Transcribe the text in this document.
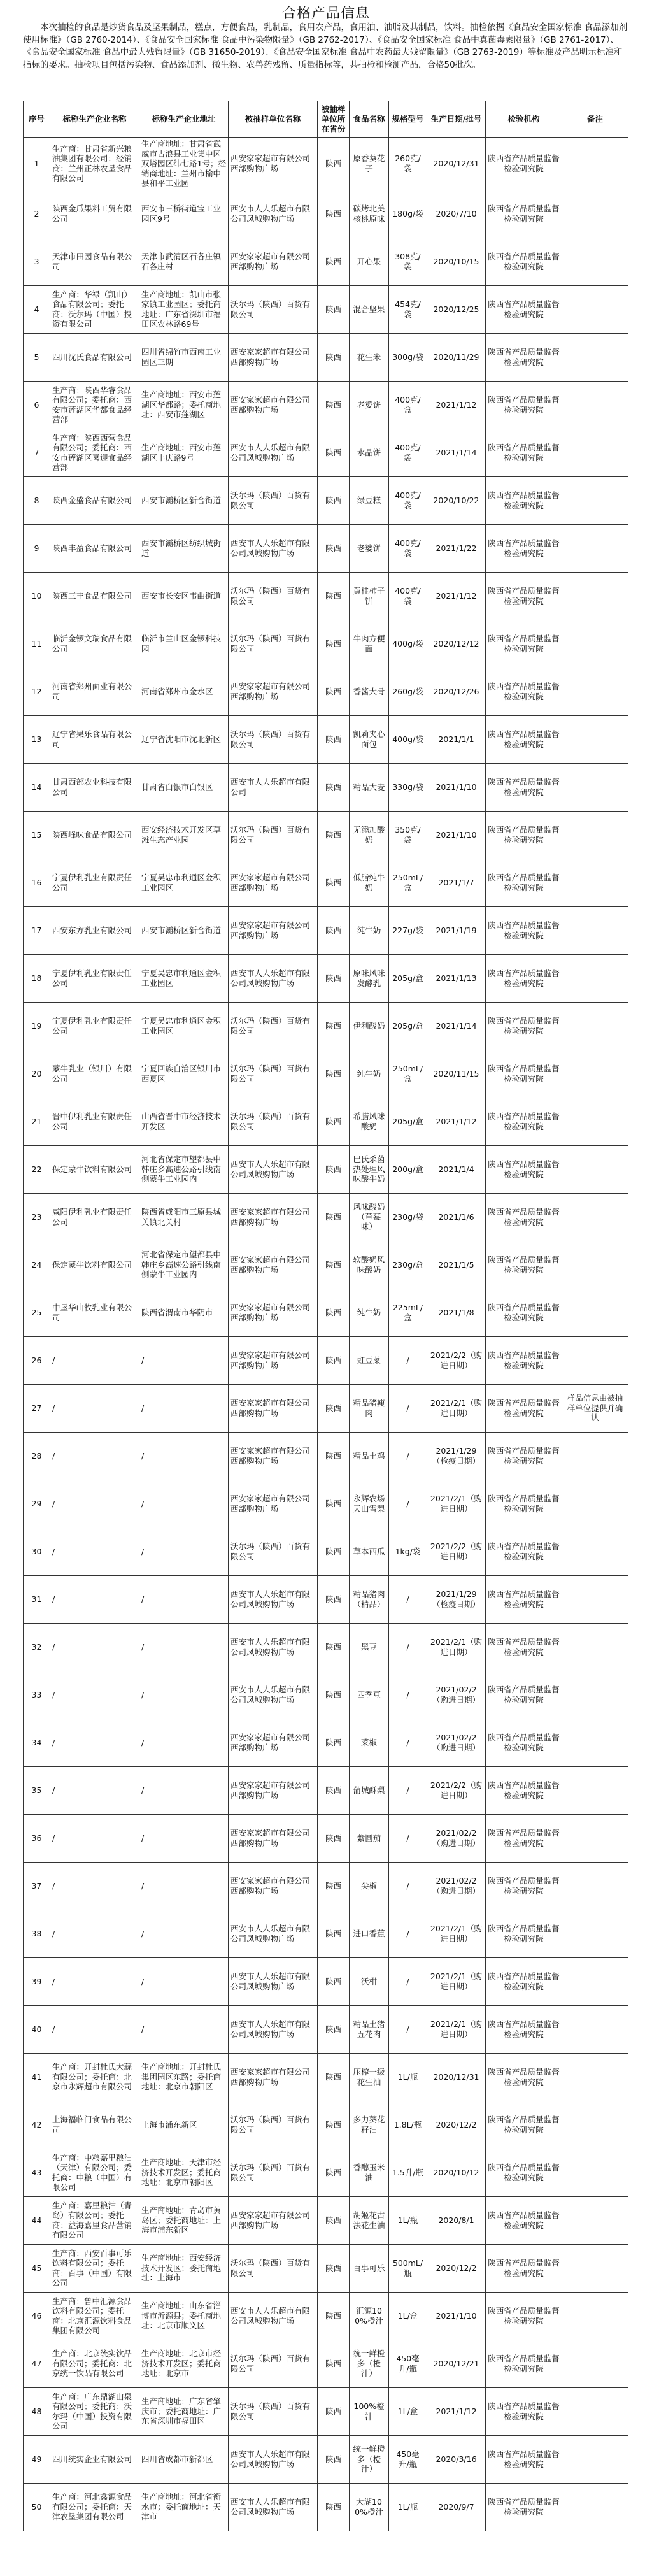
合格产品信息

本次抽检的食品是炒货食品及坚果制品，糕点，方便食品，乳制品，食用农产品，食用油、油脂及其制品，饮料。抽检依据《食品安全国家标准 食品添加剂使用标准》（GB 2760-2014）、《食品安全国家标准 食品中污染物限量》（GB 2762-2017）、《食品安全国家标准 食品中真菌毒素限量》（GB 2761-2017）、《食品安全国家标准 食品中最大残留限量》（GB 31650-2019）、《食品安全国家标准 食品中农药最大残留限量》（GB 2763-2019）等标准及产品明示标准和指标的要求。抽检项目包括污染物、食品添加剂、微生物、农兽药残留、质量指标等，共抽检和检测产品，合格50批次。

序号	标称生产企业名称	标称生产企业地址	被抽样单位名称	被抽样单位所在省份	食品名称	规格型号	生产日期/批号	检验机构	备注
1	生产商：甘肃省新兴粮油集团有限公司；经销商：兰州正林农垦食品有限公司	生产商地址：甘肃省武威市古浪县工业集中区双塔园区纬七路1号；经销商地址：兰州市榆中县和平工业园	西安家家超市有限公司西部购物广场	陕西	原香葵花子	260克/袋	2020/12/31	陕西省产品质量监督检验研究院	
2	陕西金瓜果料工贸有限公司	西安市三桥街道宝工业园区9号	西安市人人乐超市有限公司凤城购物广场	陕西	碳烤北美核桃原味	180g/袋	2020/7/10	陕西省产品质量监督检验研究院	
3	天津市田园食品有限公司	天津市武清区石各庄镇石各庄村	西安家家超市有限公司西部购物广场	陕西	开心果	308克/袋	2020/10/15	陕西省产品质量监督检验研究院	
4	生产商：华禄（凯山）食品有限公司；委托商：沃尔玛（中国）投资有限公司	生产商地址：凯山市张家镇工业园区；委托商地址：广东省深圳市福田区农林路69号	沃尔玛（陕西）百货有限公司	陕西	混合坚果	454克/袋	2020/12/25	陕西省产品质量监督检验研究院	
5	四川沈氏食品有限公司	四川省绵竹市西南工业园区三期	西安家家超市有限公司西部购物广场	陕西	花生米	300g/袋	2020/11/29	陕西省产品质量监督检验研究院	
6	生产商：陕西华睿食品有限公司；委托商：西安市莲湖区华都食品经营部	生产商地址：西安市莲湖区华都路；委托商地址：西安市莲湖区	西安家家超市有限公司西部购物广场	陕西	老婆饼	400克/盒	2021/1/12	陕西省产品质量监督检验研究院	
7	生产商：陕西西营食品有限公司；委托商：西安市莲湖区喜迎食品经营部	生产商地址：西安市莲湖区丰庆路9号	西安市人人乐超市有限公司凤城购物广场	陕西	水晶饼	400克/袋	2021/1/14	陕西省产品质量监督检验研究院	
8	陕西金盛食品有限公司	西安市灞桥区新合街道	沃尔玛（陕西）百货有限公司	陕西	绿豆糕	400克/袋	2020/10/22	陕西省产品质量监督检验研究院	
9	陕西丰盈食品有限公司	西安市灞桥区纺织城街道	西安市人人乐超市有限公司凤城购物广场	陕西	老婆饼	400克/袋	2021/1/22	陕西省产品质量监督检验研究院	
10	陕西三丰食品有限公司	西安市长安区韦曲街道	沃尔玛（陕西）百货有限公司	陕西	黄桂柿子饼	400克/袋	2021/1/12	陕西省产品质量监督检验研究院	
11	临沂金锣文瑞食品有限公司	临沂市兰山区金锣科技园	沃尔玛（陕西）百货有限公司	陕西	牛肉方便面	400g/袋	2020/12/12	陕西省产品质量监督检验研究院	
12	河南省郑州面业有限公司	河南省郑州市金水区	西安家家超市有限公司西部购物广场	陕西	香酱大骨	260g/袋	2020/12/26	陕西省产品质量监督检验研究院	
13	辽宁省果乐食品有限公司	辽宁省沈阳市沈北新区	沃尔玛（陕西）百货有限公司	陕西	凯莉夹心面包	400g/袋	2021/1/1	陕西省产品质量监督检验研究院	
14	甘肃西部农业科技有限公司	甘肃省白银市白银区	西安市人人乐超市有限公司	陕西	精品大麦	330g/袋	2021/1/10	陕西省产品质量监督检验研究院	
15	陕西峰味食品有限公司	西安经济技术开发区草滩生态产业园	沃尔玛（陕西）百货有限公司	陕西	无添加酸奶	350克/袋	2021/1/10	陕西省产品质量监督检验研究院	
16	宁夏伊利乳业有限责任公司	宁夏吴忠市利通区金积工业园区	西安家家超市有限公司西部购物广场	陕西	低脂纯牛奶	250mL/盒	2021/1/7	陕西省产品质量监督检验研究院	
17	西安东方乳业有限公司	西安市灞桥区新合街道	西安家家超市有限公司西部购物广场	陕西	纯牛奶	227g/袋	2021/1/19	陕西省产品质量监督检验研究院	
18	宁夏伊利乳业有限责任公司	宁夏吴忠市利通区金积工业园区	西安市人人乐超市有限公司凤城购物广场	陕西	原味风味发酵乳	205g/盒	2021/1/13	陕西省产品质量监督检验研究院	
19	宁夏伊利乳业有限责任公司	宁夏吴忠市利通区金积工业园区	沃尔玛（陕西）百货有限公司	陕西	伊利酸奶	205g/盒	2021/1/14	陕西省产品质量监督检验研究院	
20	蒙牛乳业（银川）有限公司	宁夏回族自治区银川市西夏区	沃尔玛（陕西）百货有限公司	陕西	纯牛奶	250mL/盒	2020/11/15	陕西省产品质量监督检验研究院	
21	晋中伊利乳业有限责任公司	山西省晋中市经济技术开发区	沃尔玛（陕西）百货有限公司	陕西	希腊风味酸奶	205g/盒	2021/1/12	陕西省产品质量监督检验研究院	
22	保定蒙牛饮料有限公司	河北省保定市望都县中韩庄乡高速公路引线南侧蒙牛工业园内	西安市人人乐超市有限公司凤城购物广场	陕西	巴氏杀菌热处理风味酸牛奶	200g/盒	2021/1/4	陕西省产品质量监督检验研究院	
23	咸阳伊利乳业有限责任公司	陕西省咸阳市三原县城关镇北关村	西安家家超市有限公司西部购物广场	陕西	风味酸奶（草莓味）	230g/袋	2021/1/6	陕西省产品质量监督检验研究院	
24	保定蒙牛饮料有限公司	河北省保定市望都县中韩庄乡高速公路引线南侧蒙牛工业园内	西安家家超市有限公司西部购物广场	陕西	软酸奶风味酸奶	230g/盒	2021/1/5	陕西省产品质量监督检验研究院	
25	中垦华山牧乳业有限公司	陕西省渭南市华阴市	西安家家超市有限公司西部购物广场	陕西	纯牛奶	225mL/盒	2021/1/8	陕西省产品质量监督检验研究院	
26	/	/	西安家家超市有限公司西部购物广场	陕西	豇豆菜	/	2021/2/2（购进日期）	陕西省产品质量监督检验研究院	
27	/	/	西安家家超市有限公司西部购物广场	陕西	精品猪瘦肉	/	2021/2/1（购进日期）	陕西省产品质量监督检验研究院	样品信息由被抽样单位提供并确认
28	/	/	西安家家超市有限公司西部购物广场	陕西	精品土鸡	/	2021/1/29（检疫日期）	陕西省产品质量监督检验研究院	
29	/	/	西安家家超市有限公司西部购物广场	陕西	永辉农场天山雪梨	/	2021/2/1（购进日期）	陕西省产品质量监督检验研究院	
30	/	/	沃尔玛（陕西）百货有限公司	陕西	草本西瓜	1kg/袋	2021/2/2（购进日期）	陕西省产品质量监督检验研究院	
31	/	/	西安市人人乐超市有限公司凤城购物广场	陕西	精品猪肉（精品）	/	2021/1/29（检疫日期）	陕西省产品质量监督检验研究院	
32	/	/	西安市人人乐超市有限公司凤城购物广场	陕西	黑豆	/	2021/2/1（购进日期）	陕西省产品质量监督检验研究院	
33	/	/	西安市人人乐超市有限公司凤城购物广场	陕西	四季豆	/	2021/02/2（购进日期）	陕西省产品质量监督检验研究院	
34	/	/	西安家家超市有限公司西部购物广场	陕西	菜椒	/	2021/02/2（购进日期）	陕西省产品质量监督检验研究院	
35	/	/	西安家家超市有限公司西部购物广场	陕西	蒲城酥梨	/	2021/2/2（购进日期）	陕西省产品质量监督检验研究院	
36	/	/	西安家家超市有限公司西部购物广场	陕西	紫圆茄	/	2021/02/2（购进日期）	陕西省产品质量监督检验研究院	
37	/	/	西安家家超市有限公司西部购物广场	陕西	尖椒	/	2021/02/2（购进日期）	陕西省产品质量监督检验研究院	
38	/	/	西安市人人乐超市有限公司凤城购物广场	陕西	进口香蕉	/	2021/2/1（购进日期）	陕西省产品质量监督检验研究院	
39	/	/	西安市人人乐超市有限公司凤城购物广场	陕西	沃柑	/	2021/2/1（购进日期）	陕西省产品质量监督检验研究院	
40	/	/	西安市人人乐超市有限公司凤城购物广场	陕西	精品土猪五花肉	/	2021/2/1（购进日期）	陕西省产品质量监督检验研究院	
41	生产商：开封杜氏大蒜有限公司；委托商：北京市永辉超市有限公司	生产商地址：开封杜氏集团园区东路；委托商地址：北京市朝阳区	西安家家超市有限公司西部购物广场	陕西	压榨一级花生油	1L/瓶	2020/12/31	陕西省产品质量监督检验研究院	
42	上海福临门食品有限公司	上海市浦东新区	沃尔玛（陕西）百货有限公司	陕西	多力葵花籽油	1.8L/瓶	2020/12/2	陕西省产品质量监督检验研究院	
43	生产商：中粮嘉里粮油（天津）有限公司；委托商：中粮（中国）有限公司	生产商地址：天津市经济技术开发区；委托商地址：北京市朝阳区	沃尔玛（陕西）百货有限公司	陕西	香醇玉米油	1.5升/瓶	2020/10/12	陕西省产品质量监督检验研究院	
44	生产商：嘉里粮油（青岛）有限公司；委托商：益海嘉里食品营销有限公司	生产商地址：青岛市黄岛区；委托商地址：上海市浦东新区	西安家家超市有限公司西部购物广场	陕西	胡姬花古法花生油	1L/瓶	2020/8/1	陕西省产品质量监督检验研究院	
45	生产商：西安百事可乐饮料有限公司；委托商：百事（中国）有限公司	生产商地址：西安经济技术开发区；委托商地址：上海市	沃尔玛（陕西）百货有限公司	陕西	百事可乐	500mL/瓶	2020/12/2	陕西省产品质量监督检验研究院	
46	生产商：鲁中汇源食品饮料有限公司；委托商：北京汇源饮料食品集团有限公司	生产商地址：山东省淄博市沂源县；委托商地址：北京市顺义区	西安市人人乐超市有限公司凤城购物广场	陕西	汇源100%橙汁	1L/盒	2021/1/10	陕西省产品质量监督检验研究院	
47	生产商：北京统实饮品有限公司；委托商：北京统一饮品有限公司	生产商地址：北京市经济技术开发区；委托商地址：北京市	沃尔玛（陕西）百货有限公司	陕西	统一鲜橙多（橙汁）	450毫升/瓶	2020/12/21	陕西省产品质量监督检验研究院	
48	生产商：广东鼎湖山泉有限公司；委托商：沃尔玛（中国）投资有限公司	生产商地址：广东省肇庆市；委托商地址：广东省深圳市福田区	沃尔玛（陕西）百货有限公司	陕西	100%橙汁	1L/盒	2021/1/12	陕西省产品质量监督检验研究院	
49	四川统实企业有限公司	四川省成都市新都区	西安市人人乐超市有限公司凤城购物广场	陕西	统一鲜橙多（橙汁）	450毫升/瓶	2020/3/16	陕西省产品质量监督检验研究院	
50	生产商：河北鑫源食品有限公司；委托商：天津农垦集团有限公司	生产商地址：河北省衡水市；委托商地址：天津市	西安市人人乐超市有限公司凤城购物广场	陕西	大湖100%橙汁	1L/瓶	2020/9/7	陕西省产品质量监督检验研究院	
